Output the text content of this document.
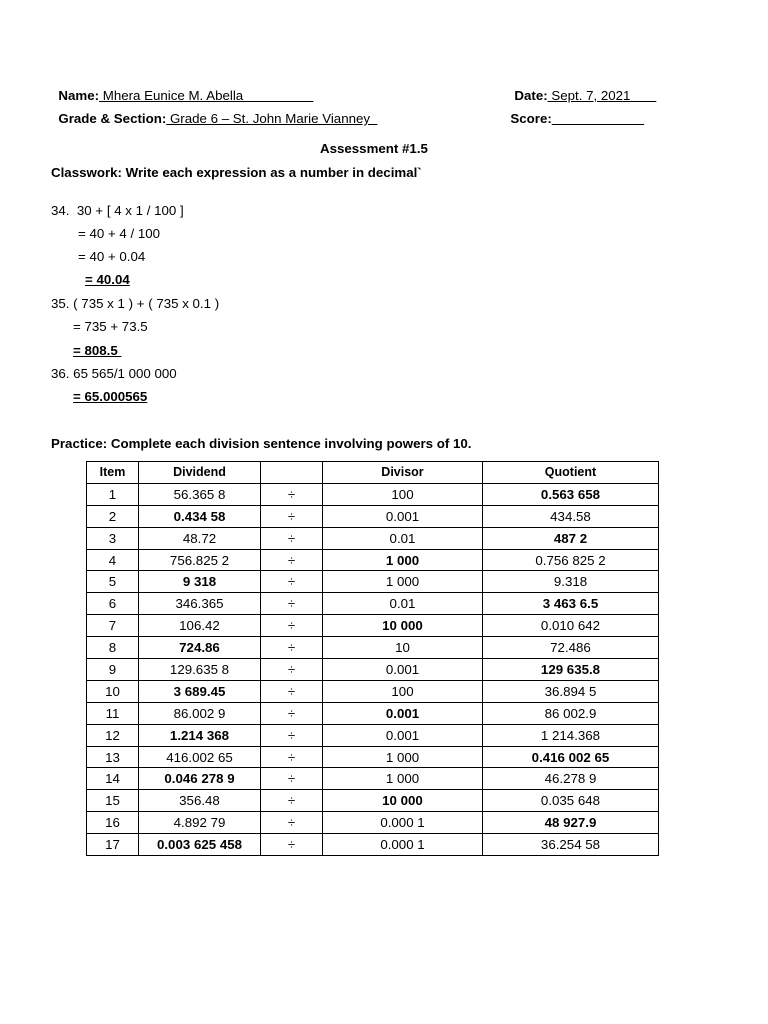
Name: Mhera Eunice M. Abella	Date: Sept. 7, 2021

Grade & Section: Grade 6 – St. John Marie Vianney	Score:

Assessment #1.5
Classwork: Write each expression as a number in decimal`
34.  30 + [ 4 x 1 / 100 ]
= 40 + 4 / 100
= 40 + 0.04
= 40.04
35. ( 735 x 1 ) + ( 735 x 0.1 )
= 735 + 73.5
= 808.5
36. 65 565/1 000 000
= 65.000565
Practice: Complete each division sentence involving powers of 10.
Item	Dividend		Divisor	Quotient
1	56.365 8	÷	100	0.563 658
2	0.434 58	÷	0.001	434.58
3	48.72	÷	0.01	487 2
4	756.825 2	÷	1 000	0.756 825 2
5	9 318	÷	1 000	9.318
6	346.365	÷	0.01	3 463 6.5
7	106.42	÷	10 000	0.010 642
8	724.86	÷	10	72.486
9	129.635 8	÷	0.001	129 635.8
10	3 689.45	÷	100	36.894 5
11	86.002 9	÷	0.001	86 002.9
12	1.214 368	÷	0.001	1 214.368
13	416.002 65	÷	1 000	0.416 002 65
14	0.046 278 9	÷	1 000	46.278 9
15	356.48	÷	10 000	0.035 648
16	4.892 79	÷	0.000 1	48 927.9
17	0.003 625 458	÷	0.000 1	36.254 58
